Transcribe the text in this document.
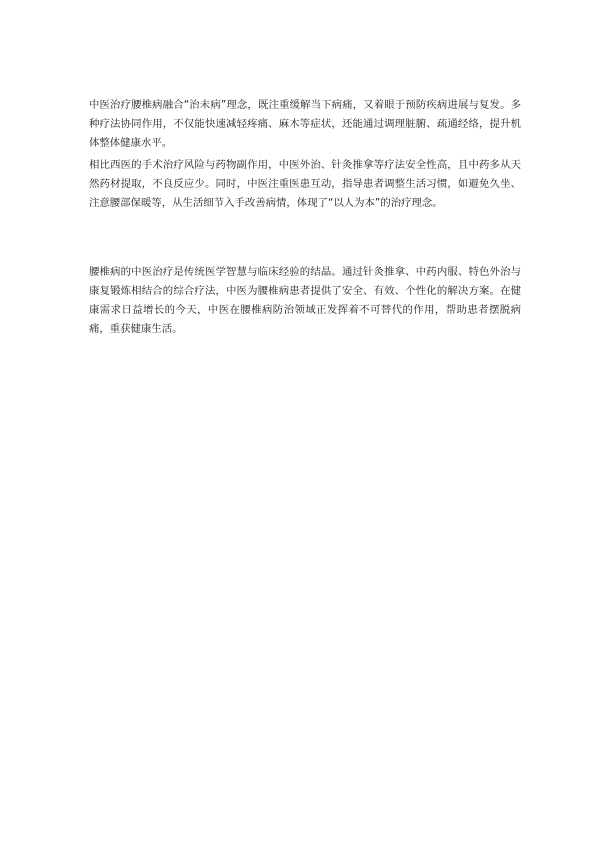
中医治疗腰椎病融合“治未病”理念，既注重缓解当下病痛，又着眼于预防疾病进展与复发。多种疗法协同作用，不仅能快速减轻疼痛、麻木等症状，还能通过调理脏腑、疏通经络，提升机体整体健康水平。

相比西医的手术治疗风险与药物副作用，中医外治、针灸推拿等疗法安全性高，且中药多从天然药材提取，不良反应少。同时，中医注重医患互动，指导患者调整生活习惯，如避免久坐、注意腰部保暖等，从生活细节入手改善病情，体现了“以人为本”的治疗理念。

腰椎病的中医治疗是传统医学智慧与临床经验的结晶。通过针灸推拿、中药内服、特色外治与康复锻炼相结合的综合疗法，中医为腰椎病患者提供了安全、有效、个性化的解决方案。在健康需求日益增长的今天，中医在腰椎病防治领域正发挥着不可替代的作用，帮助患者摆脱病痛，重获健康生活。
